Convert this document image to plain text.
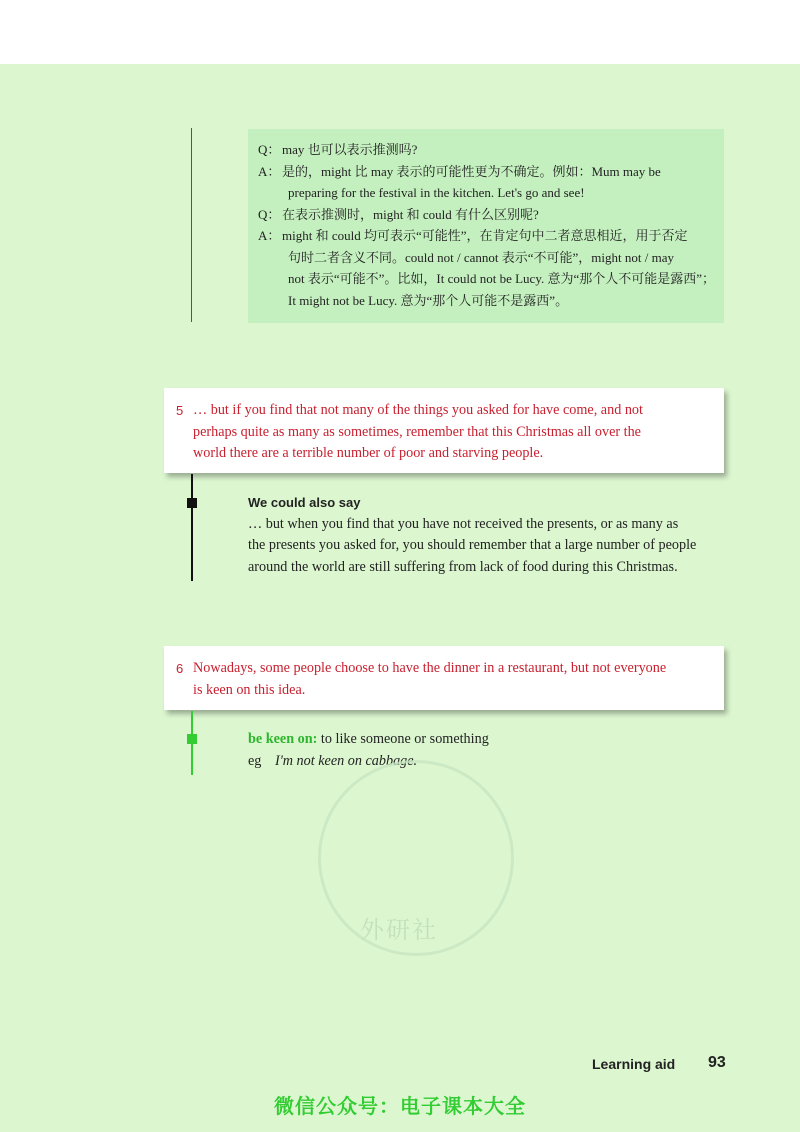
Q： may 也可以表示推测吗?
A： 是的，might 比 may 表示的可能性更为不确定。例如：Mum may be
preparing for the festival in the kitchen. Let's go and see!
Q： 在表示推测时，might 和 could 有什么区别呢?
A： might 和 could 均可表示“可能性”，在肯定句中二者意思相近，用于否定
句时二者含义不同。could not / cannot 表示“不可能”，might not / may
not 表示“可能不”。比如，It could not be Lucy. 意为“那个人不可能是露西”；
It might not be Lucy. 意为“那个人可能不是露西”。
5 … but if you find that not many of the things you asked for have come, and not
perhaps quite as many as sometimes, remember that this Christmas all over the
world there are a terrible number of poor and starving people.
We could also say
… but when you find that you have not received the presents, or as many as
the presents you asked for, you should remember that a large number of people
around the world are still suffering from lack of food during this Christmas.
6 Nowadays, some people choose to have the dinner in a restaurant, but not everyone
is keen on this idea.
be keen on: to like someone or something
eg I'm not keen on cabbage.
外研社
Learning aid 93
微信公众号：电子课本大全
